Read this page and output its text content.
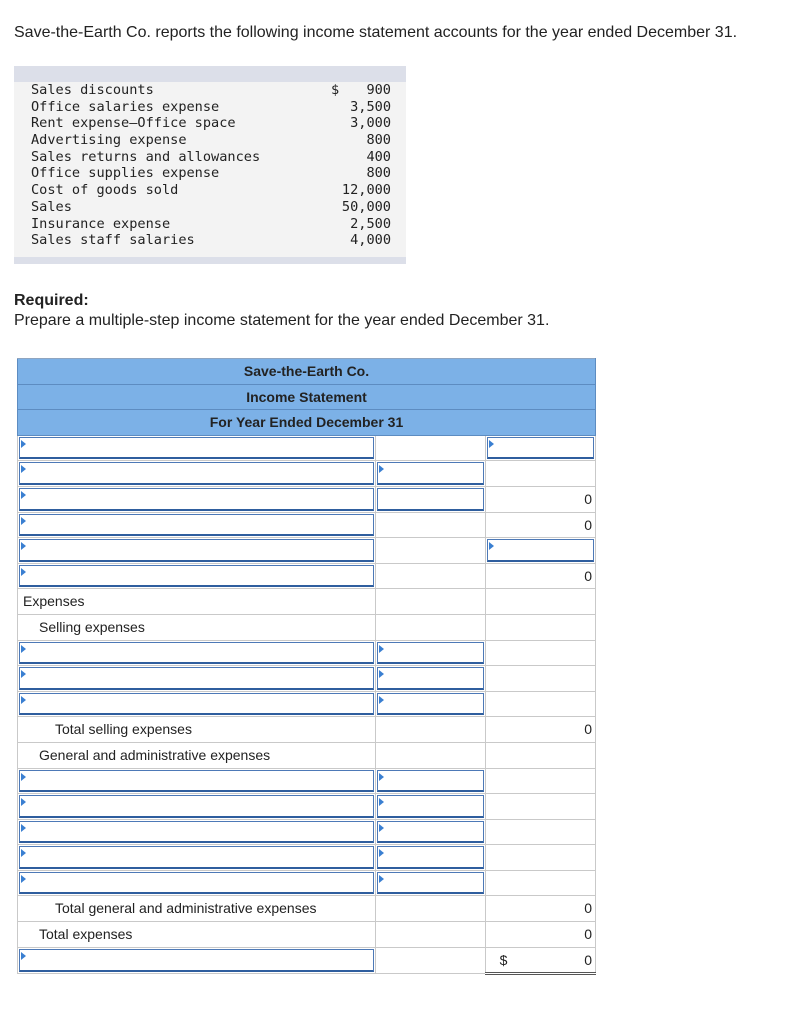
Save-the-Earth Co. reports the following income statement accounts for the year ended December 31.
Sales discounts	$ 900
Office salaries expense	3,500
Rent expense—Office space	3,000
Advertising expense	800
Sales returns and allowances	400
Office supplies expense	800
Cost of goods sold	12,000
Sales	50,000
Insurance expense	2,500
Sales staff salaries	4,000
Required:
Prepare a multiple-step income statement for the year ended December 31.
Save-the-Earth Co.		
Income Statement		
For Year Ended December 31		

		0

		0

		0

Expenses		

Selling expenses		

Total selling expenses		0

General and administrative expenses		

Total general and administrative expenses		0

Total expenses		0

		$ 0
